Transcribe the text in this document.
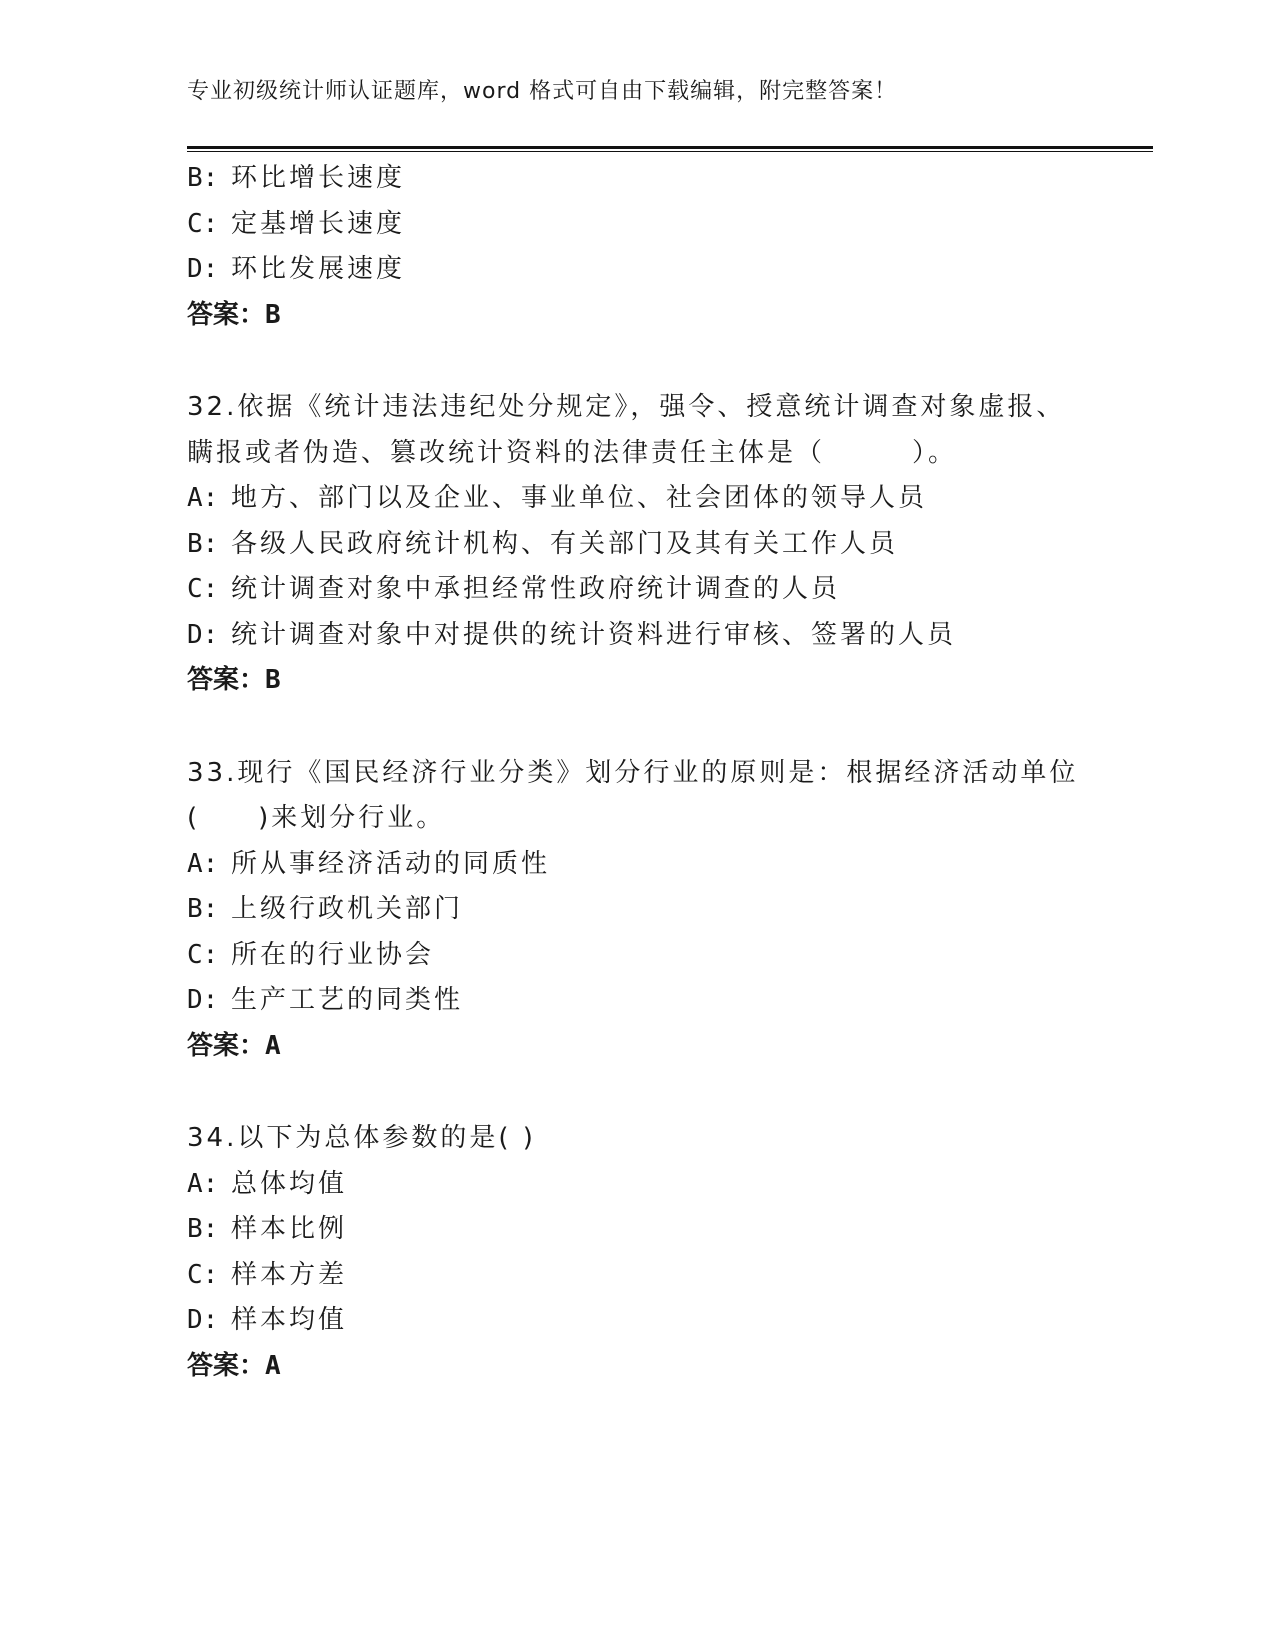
专业初级统计师认证题库，word 格式可自由下载编辑，附完整答案！
B: 环比增长速度
C: 定基增长速度
D: 环比发展速度
答案：B
32.依据《统计违法违纪处分规定》，强令、授意统计调查对象虚报、
瞒报或者伪造、篡改统计资料的法律责任主体是（　　　）。
A: 地方、部门以及企业、事业单位、社会团体的领导人员
B: 各级人民政府统计机构、有关部门及其有关工作人员
C: 统计调查对象中承担经常性政府统计调查的人员
D: 统计调查对象中对提供的统计资料进行审核、签署的人员
答案：B
33.现行《国民经济行业分类》划分行业的原则是：根据经济活动单位
(　　)来划分行业。
A: 所从事经济活动的同质性
B: 上级行政机关部门
C: 所在的行业协会
D: 生产工艺的同类性
答案：A
34.以下为总体参数的是( )
A: 总体均值
B: 样本比例
C: 样本方差
D: 样本均值
答案：A
